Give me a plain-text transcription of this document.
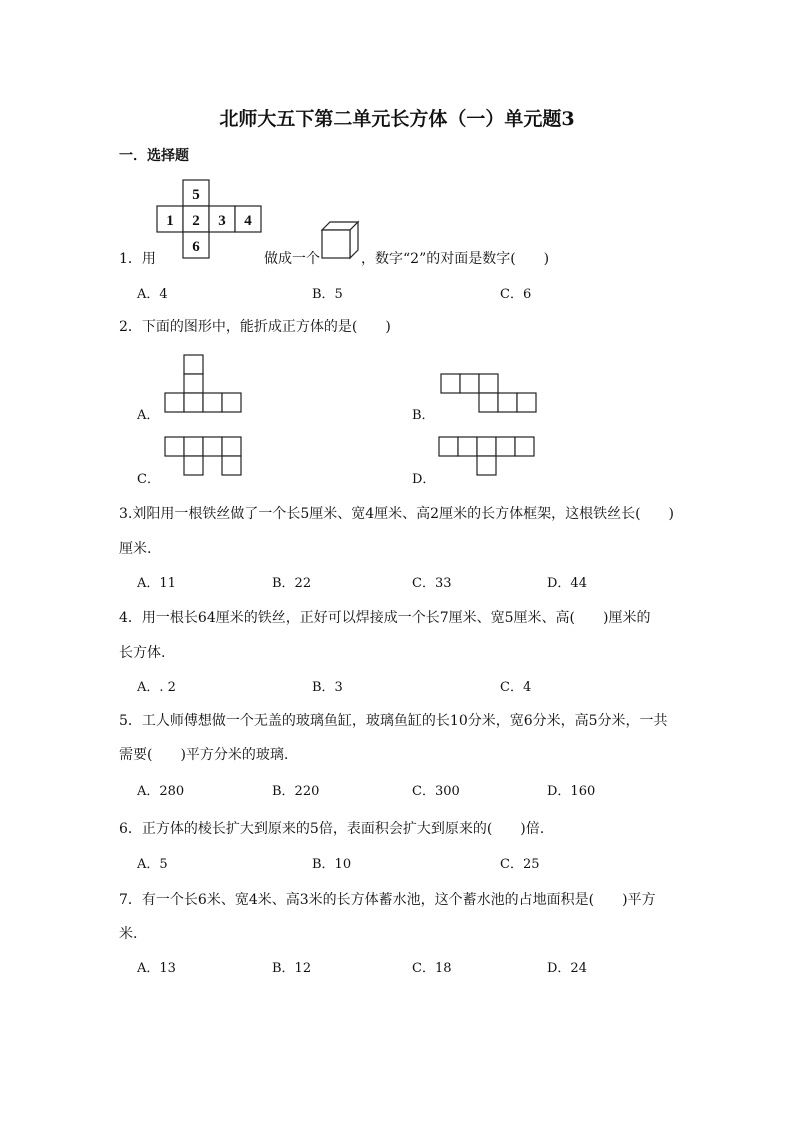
北师大五下第二单元长方体（一）单元题3
一．选择题
5
1 2 3 4
6
1．用	做成一个	，数字“2”的对面是数字(　　)
A．4	B．5	C．6
2．下面的图形中，能折成正方体的是(　　)
A．	B．
C．	D．
3.刘阳用一根铁丝做了一个长5厘米、宽4厘米、高2厘米的长方体框架，这根铁丝长(　　)
厘米.
A．11	B．22	C．33	D．44
4．用一根长64厘米的铁丝，正好可以焊接成一个长7厘米、宽5厘米、高(　　)厘米的
长方体.
A．. 2	B．3	C．4
5．工人师傅想做一个无盖的玻璃鱼缸，玻璃鱼缸的长10分米，宽6分米，高5分米，一共
需要(　　)平方分米的玻璃.
A．280	B．220	C．300	D．160
6．正方体的棱长扩大到原来的5倍，表面积会扩大到原来的(　　)倍.
A．5	B．10	C．25
7．有一个长6米、宽4米、高3米的长方体蓄水池，这个蓄水池的占地面积是(　　)平方
米.
A．13	B．12	C．18	D．24
